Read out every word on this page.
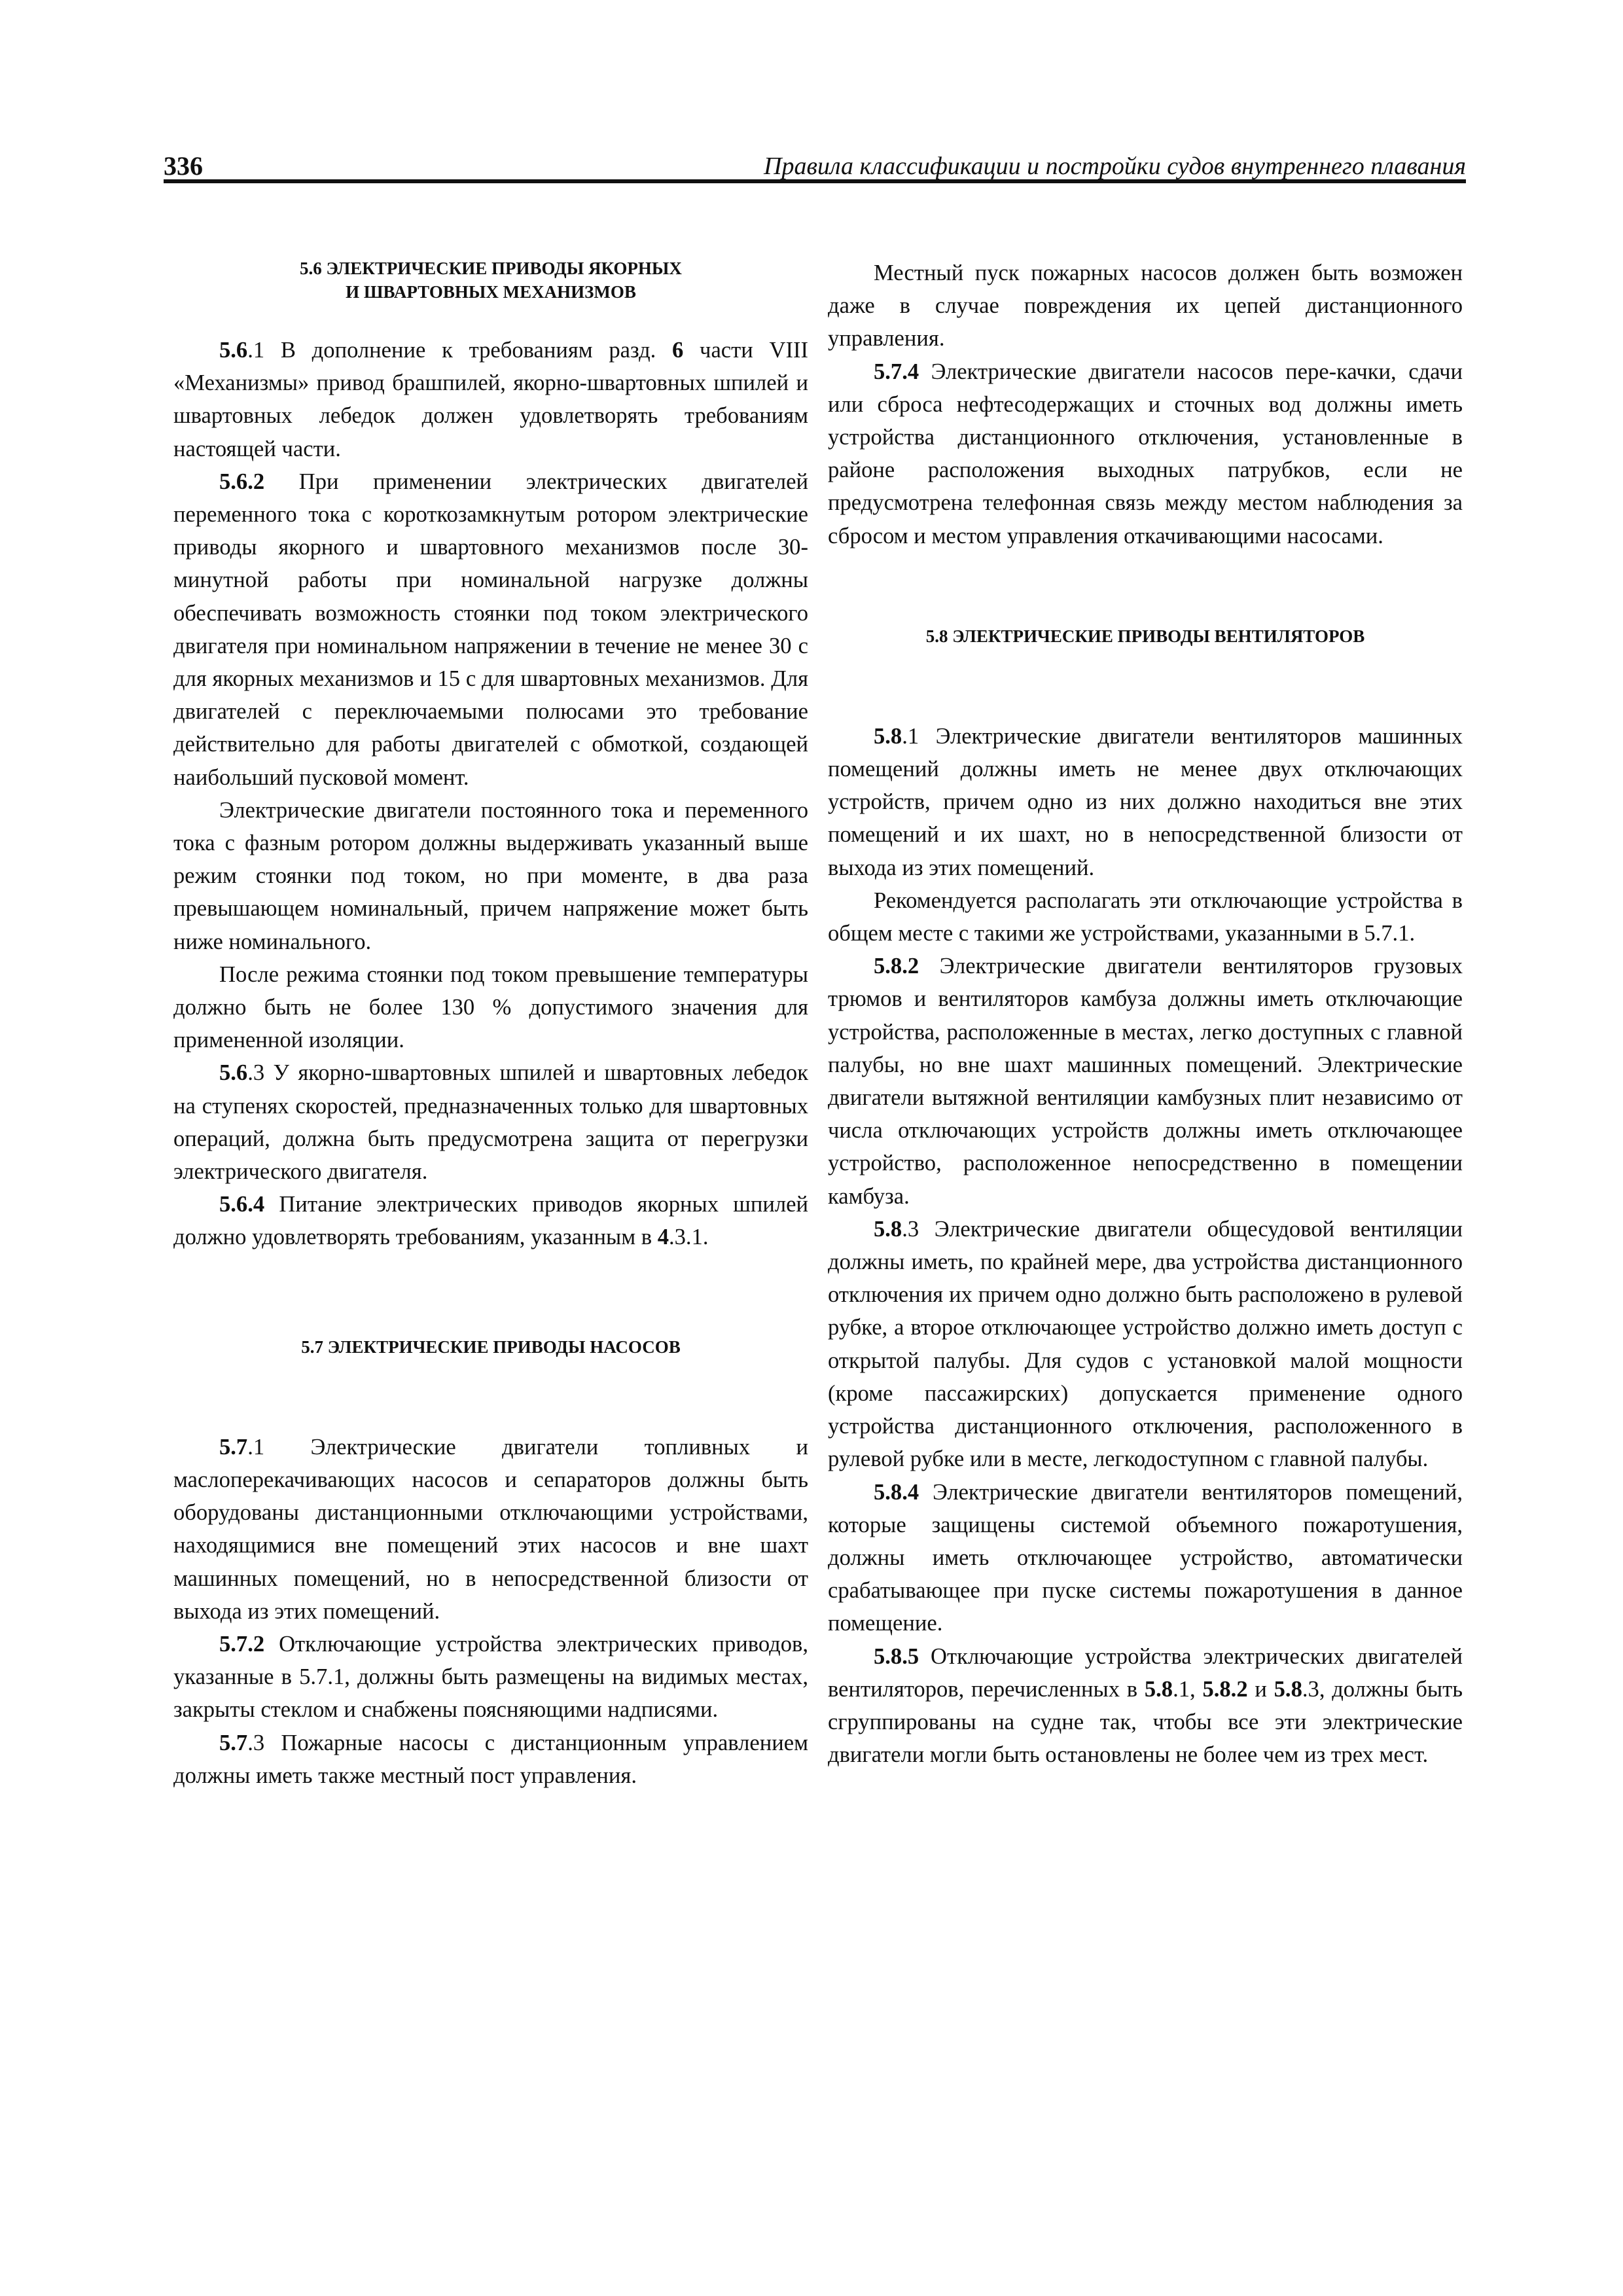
336	Правила классификации и постройки судов внутреннего плавания
5.6 ЭЛЕКТРИЧЕСКИЕ ПРИВОДЫ ЯКОРНЫХ
И ШВАРТОВНЫХ МЕХАНИЗМОВ

5.6.1 В дополнение к требованиям разд. 6 части VIII «Механизмы» привод брашпилей, якорно-швартовных шпилей и швартовных лебедок должен удовлетворять требованиям настоящей части.

5.6.2 При применении электрических двигателей переменного тока с короткозамкнутым ротором электрические приводы якорного и швартовного механизмов после 30-минутной работы при номинальной нагрузке должны обеспечивать возможность стоянки под током электрического двигателя при номинальном напряжении в течение не менее 30 с для якорных механизмов и 15 с для швартовных механизмов. Для двигателей с переключаемыми полюсами это требование действительно для работы двигателей с обмоткой, создающей наибольший пусковой момент.

Электрические двигатели постоянного тока и переменного тока с фазным ротором должны выдерживать указанный выше режим стоянки под током, но при моменте, в два раза превышающем номинальный, причем напряжение может быть ниже номинального.

После режима стоянки под током превышение температуры должно быть не более 130 % допустимого значения для примененной изоляции.

5.6.3 У якорно-швартовных шпилей и швартовных лебедок на ступенях скоростей, предназначенных только для швартовных операций, должна быть предусмотрена защита от перегрузки электрического двигателя.

5.6.4 Питание электрических приводов якорных шпилей должно удовлетворять требованиям, указанным в 4.3.1.

5.7 ЭЛЕКТРИЧЕСКИЕ ПРИВОДЫ НАСОСОВ

5.7.1 Электрические двигатели топливных и маслоперекачивающих насосов и сепараторов должны быть оборудованы дистанционными отключающими устройствами, находящимися вне помещений этих насосов и вне шахт машинных помещений, но в непосредственной близости от выхода из этих помещений.

5.7.2 Отключающие устройства электрических приводов, указанные в 5.7.1, должны быть размещены на видимых местах, закрыты стеклом и снабжены поясняющими надписями.

5.7.3 Пожарные насосы с дистанционным управлением должны иметь также местный пост управления.

Местный пуск пожарных насосов должен быть возможен даже в случае повреждения их цепей дистанционного управления.

5.7.4 Электрические двигатели насосов пере-качки, сдачи или сброса нефтесодержащих и сточных вод должны иметь устройства дистанционного отключения, установленные в районе расположения выходных патрубков, если не предусмотрена телефонная связь между местом наблюдения за сбросом и местом управления откачивающими насосами.

5.8 ЭЛЕКТРИЧЕСКИЕ ПРИВОДЫ ВЕНТИЛЯТОРОВ

5.8.1 Электрические двигатели вентиляторов машинных помещений должны иметь не менее двух отключающих устройств, причем одно из них должно находиться вне этих помещений и их шахт, но в непосредственной близости от выхода из этих помещений.

Рекомендуется располагать эти отключающие устройства в общем месте с такими же устройствами, указанными в 5.7.1.

5.8.2 Электрические двигатели вентиляторов грузовых трюмов и вентиляторов камбуза должны иметь отключающие устройства, расположенные в местах, легко доступных с главной палубы, но вне шахт машинных помещений. Электрические двигатели вытяжной вентиляции камбузных плит независимо от числа отключающих устройств должны иметь отключающее устройство, расположенное непосредственно в помещении камбуза.

5.8.3 Электрические двигатели общесудовой вентиляции должны иметь, по крайней мере, два устройства дистанционного отключения их причем одно должно быть расположено в рулевой рубке, а второе отключающее устройство должно иметь доступ с открытой палубы. Для судов с установкой малой мощности (кроме пассажирских) допускается применение одного устройства дистанционного отключения, расположенного в рулевой рубке или в месте, легкодоступном с главной палубы.

5.8.4 Электрические двигатели вентиляторов помещений, которые защищены системой объемного пожаротушения, должны иметь отключающее устройство, автоматически срабатывающее при пуске системы пожаротушения в данное помещение.

5.8.5 Отключающие устройства электрических двигателей вентиляторов, перечисленных в 5.8.1, 5.8.2 и 5.8.3, должны быть сгруппированы на судне так, чтобы все эти электрические двигатели могли быть остановлены не более чем из трех мест.
